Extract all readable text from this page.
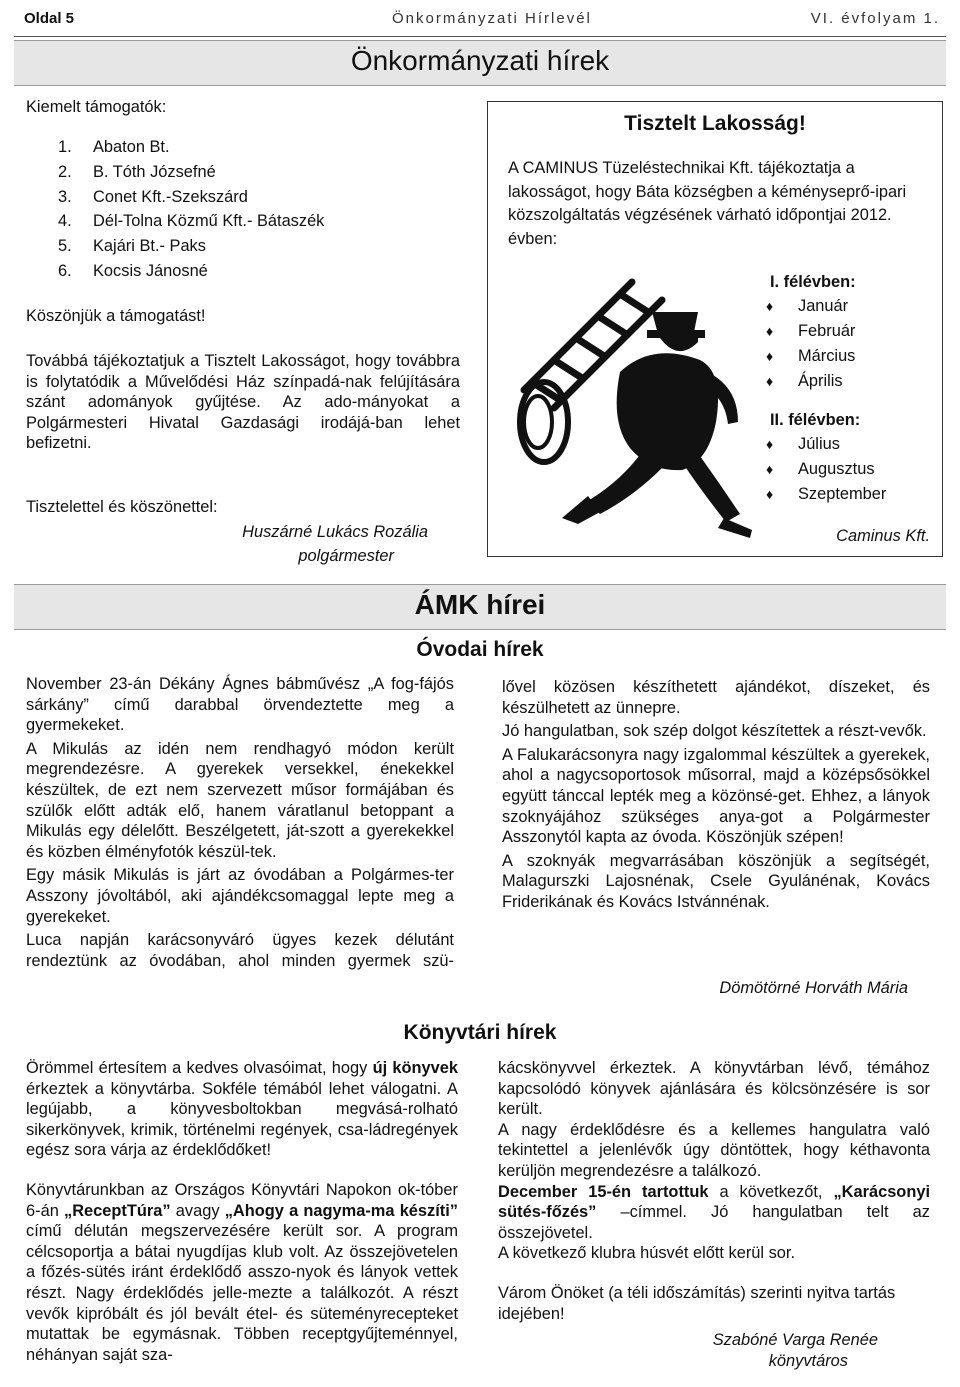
Oldal 5	Önkormányzati Hírlevél	VI. évfolyam 1.
Önkormányzati hírek

Kiemelt támogatók:

1. Abaton Bt.
2. B. Tóth Józsefné
3. Conet Kft.-Szekszárd
4. Dél-Tolna Közmű Kft.- Bátaszék
5. Kajári Bt.- Paks
6. Kocsis Jánosné

Köszönjük a támogatást!

Továbbá tájékoztatjuk a Tisztelt Lakosságot, hogy továbbra is folytatódik a Művelődési Ház színpadá-nak felújítására szánt adományok gyűjtése. Az ado-mányokat a Polgármesteri Hivatal Gazdasági irodájá-ban lehet befizetni.

Tisztelettel és köszönettel:

Huszárné Lukács Rozália

polgármester

Tisztelt Lakosság!

A CAMINUS Tüzeléstechnikai Kft. tájékoztatja a lakosságot, hogy Báta községben a kéményseprő-ipari közszolgáltatás végzésének várható időpontjai 2012. évben:

I. félévben:
♦ Január
♦ Február
♦ Március
♦ Április
II. félévben:
♦ Július
♦ Augusztus
♦ Szeptember
Caminus Kft.
ÁMK hírei
Óvodai hírek

November 23-án Dékány Ágnes bábművész „A fog-fájós sárkány” című darabbal örvendeztette meg a gyermekeket.

A Mikulás az idén nem rendhagyó módon került megrendezésre. A gyerekek versekkel, énekekkel készültek, de ezt nem szervezett műsor formájában és szülők előtt adták elő, hanem váratlanul betoppant a Mikulás egy délelőtt. Beszélgetett, ját-szott a gyerekekkel és közben élményfotók készül-tek.

Egy másik Mikulás is járt az óvodában a Polgármes-ter Asszony jóvoltából, aki ajándékcsomaggal lepte meg a gyerekeket.

Luca napján karácsonyváró ügyes kezek délutánt rendeztünk az óvodában, ahol minden gyermek szü-

lővel közösen készíthetett ajándékot, díszeket, és készülhetett az ünnepre.

Jó hangulatban, sok szép dolgot készítettek a részt-vevők.

A Falukarácsonyra nagy izgalommal készültek a gyerekek, ahol a nagycsoportosok műsorral, majd a középsősökkel együtt tánccal lepték meg a közönsé-get. Ehhez, a lányok szoknyájához szükséges anya-got a Polgármester Asszonytól kapta az óvoda. Köszönjük szépen!

A szoknyák megvarrásában köszönjük a segítségét, Malagurszki Lajosnénak, Csele Gyulánénak, Kovács Friderikának és Kovács Istvánnénak.

Dömötörné Horváth Mária

Könyvtári hírek

Örömmel értesítem a kedves olvasóimat, hogy új könyvek érkeztek a könyvtárba. Sokféle témából lehet válogatni. A legújabb, a könyvesboltokban megvásá-rolható sikerkönyvek, krimik, történelmi regények, csa-ládregények egész sora várja az érdeklődőket!

Könyvtárunkban az Országos Könyvtári Napokon ok-tóber 6-án „ReceptTúra” avagy „Ahogy a nagyma-ma készíti” című délután megszervezésére került sor. A program célcsoportja a bátai nyugdíjas klub volt. Az összejövetelen a főzés-sütés iránt érdeklődő asszo-nyok és lányok vettek részt. Nagy érdeklődés jelle-mezte a találkozót. A részt vevők kipróbált és jól bevált étel- és süteményrecepteket mutattak be egymásnak. Többen receptgyűjteménnyel, néhányan saját sza-

kácskönyvvel érkeztek. A könyvtárban lévő, témához kapcsolódó könyvek ajánlására és kölcsönzésére is sor került.

A nagy érdeklődésre és a kellemes hangulatra való tekintettel a jelenlévők úgy döntöttek, hogy kéthavonta kerüljön megrendezésre a találkozó.

December 15-én tartottuk a következőt, „Karácsonyi sütés-főzés” –címmel. Jó hangulatban telt az összejövetel.

A következő klubra húsvét előtt kerül sor.

Várom Önöket (a téli időszámítás) szerinti nyitva tartás idejében!

Szabóné Varga Renée

könyvtáros
